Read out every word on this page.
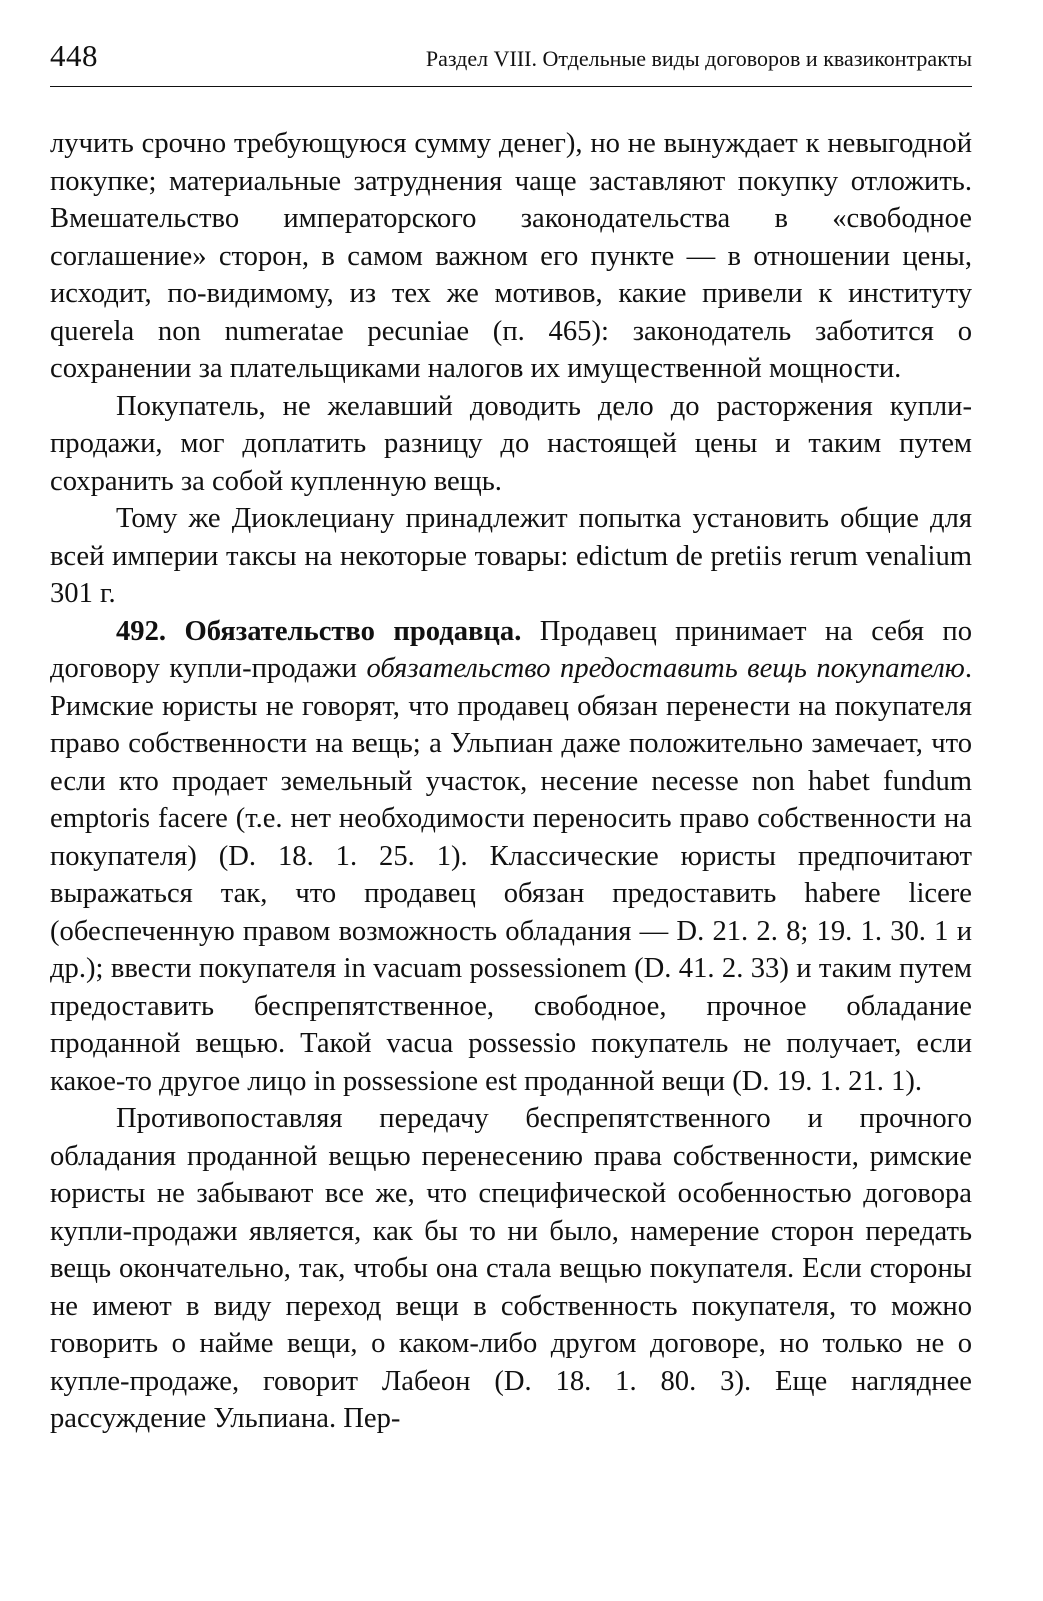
448	Раздел VIII. Отдельные виды договоров и квазиконтракты

лучить срочно требующуюся сумму денег), но не вынуждает к невыгодной покупке; материальные затруднения чаще заставляют покупку отложить. Вмешательство императорского законодательства в «свободное соглашение» сторон, в самом важном его пункте — в отношении цены, исходит, по-видимому, из тех же мотивов, какие привели к институту querela non numeratae pecuniae (п. 465): законодатель заботится о сохранении за плательщиками налогов их имущественной мощности.

Покупатель, не желавший доводить дело до расторжения купли-продажи, мог доплатить разницу до настоящей цены и таким путем сохранить за собой купленную вещь.

Тому же Диоклециану принадлежит попытка установить общие для всей империи таксы на некоторые товары: edictum de pretiis rerum venalium 301 г.

492. Обязательство продавца. Продавец принимает на себя по договору купли-продажи обязательство предоставить вещь покупателю. Римские юристы не говорят, что продавец обязан перенести на покупателя право собственности на вещь; а Ульпиан даже положительно замечает, что если кто продает земельный участок, несение necesse non habet fundum emptoris facere (т.е. нет необходимости переносить право собственности на покупателя) (D. 18. 1. 25. 1). Классические юристы предпочитают выражаться так, что продавец обязан предоставить habere licere (обеспеченную правом возможность обладания — D. 21. 2. 8; 19. 1. 30. 1 и др.); ввести покупателя in vacuam possessionem (D. 41. 2. 33) и таким путем предоставить беспрепятственное, свободное, прочное обладание проданной вещью. Такой vacua possessio покупатель не получает, если какое-то другое лицо in possessione est проданной вещи (D. 19. 1. 21. 1).

Противопоставляя передачу беспрепятственного и прочного обладания проданной вещью перенесению права собственности, римские юристы не забывают все же, что специфической особенностью договора купли-продажи является, как бы то ни было, намерение сторон передать вещь окончательно, так, чтобы она стала вещью покупателя. Если стороны не имеют в виду переход вещи в собственность покупателя, то можно говорить о найме вещи, о каком-либо другом договоре, но только не о купле-продаже, говорит Лабеон (D. 18. 1. 80. 3). Еще нагляднее рассуждение Ульпиана. Пер-
